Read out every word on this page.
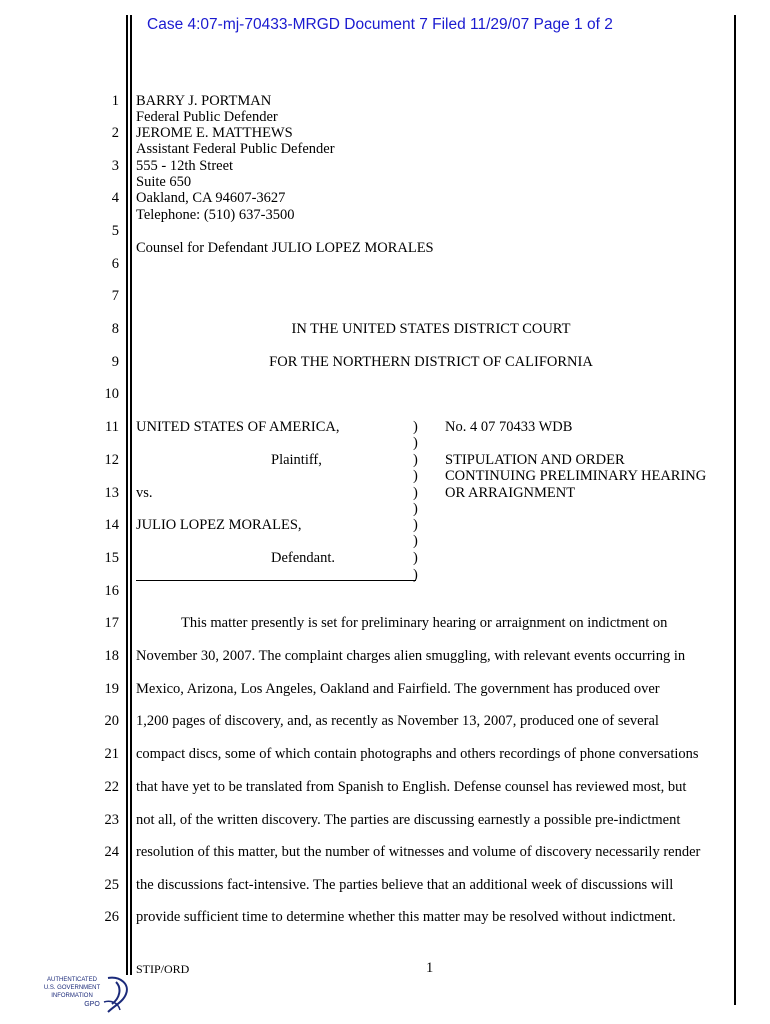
Case 4:07-mj-70433-MRGD Document 7 Filed 11/29/07 Page 1 of 2
1
2
3
4
5
6
7
8
9
10
11
12
13
14
15
16
17
18
19
20
21
22
23
24
25
26
BARRY J. PORTMAN
Federal Public Defender
JEROME E. MATTHEWS
Assistant Federal Public Defender
555 - 12th Street
Suite 650
Oakland, CA 94607-3627
Telephone: (510) 637-3500
Counsel for Defendant JULIO LOPEZ MORALES
IN THE UNITED STATES DISTRICT COURT
FOR THE NORTHERN DISTRICT OF CALIFORNIA
UNITED STATES OF AMERICA,
Plaintiff,
vs.
JULIO LOPEZ MORALES,
Defendant.
)
)
)
)
)
)
)
)
)
)
No. 4 07 70433 WDB
STIPULATION AND ORDER
CONTINUING PRELIMINARY HEARING
OR ARRAIGNMENT
This matter presently is set for preliminary hearing or arraignment on indictment on
November 30, 2007. The complaint charges alien smuggling, with relevant events occurring in
Mexico, Arizona, Los Angeles, Oakland and Fairfield. The government has produced over
1,200 pages of discovery, and, as recently as November 13, 2007, produced one of several
compact discs, some of which contain photographs and others recordings of phone conversations
that have yet to be translated from Spanish to English. Defense counsel has reviewed most, but
not all, of the written discovery. The parties are discussing earnestly a possible pre-indictment
resolution of this matter, but the number of witnesses and volume of discovery necessarily render
the discussions fact-intensive. The parties believe that an additional week of discussions will
provide sufficient time to determine whether this matter may be resolved without indictment.
STIP/ORD	1
AUTHENTICATED
U.S. GOVERNMENT
INFORMATION
GPO
